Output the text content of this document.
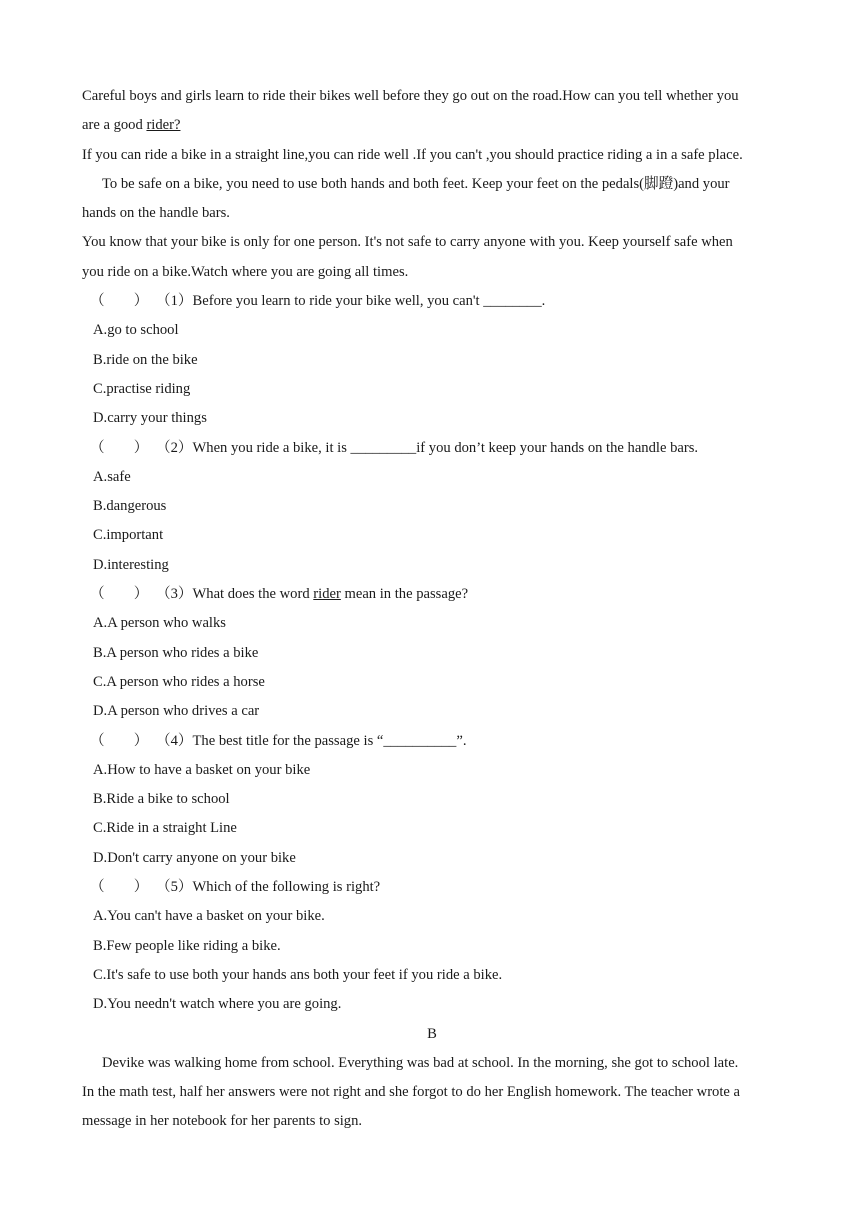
Careful boys and girls learn to ride their bikes well before they go out on the road.How can you tell whether you
are a good rider?
If you can ride a bike in a straight line,you can ride well .If you can't ,you should practice riding a in a safe place.
To be safe on a bike, you need to use both hands and both feet. Keep your feet on the pedals(脚蹬)and your
hands on the handle bars.
You know that your bike is only for one person. It's not safe to carry anyone with you. Keep yourself safe when
you ride on a bike.Watch where you are going all times.
（　　） （1）Before you learn to ride your bike well, you can't ________.
A.go to school
B.ride on the bike
C.practise riding
D.carry your things
（　　） （2）When you ride a bike, it is _________if you don’t keep your hands on the handle bars.
A.safe
B.dangerous
C.important
D.interesting
（　　） （3）What does the word rider mean in the passage?
A.A person who walks
B.A person who rides a bike
C.A person who rides a horse
D.A person who drives a car
（　　） （4）The best title for the passage is “__________”.
A.How to have a basket on your bike
B.Ride a bike to school
C.Ride in a straight Line
D.Don't carry anyone on your bike
（　　） （5）Which of the following is right?
A.You can't have a basket on your bike.
B.Few people like riding a bike.
C.It's safe to use both your hands ans both your feet if you ride a bike.
D.You needn't watch where you are going.
B
Devike was walking home from school. Everything was bad at school. In the morning, she got to school late.
In the math test, half her answers were not right and she forgot to do her English homework. The teacher wrote a
message in her notebook for her parents to sign.
